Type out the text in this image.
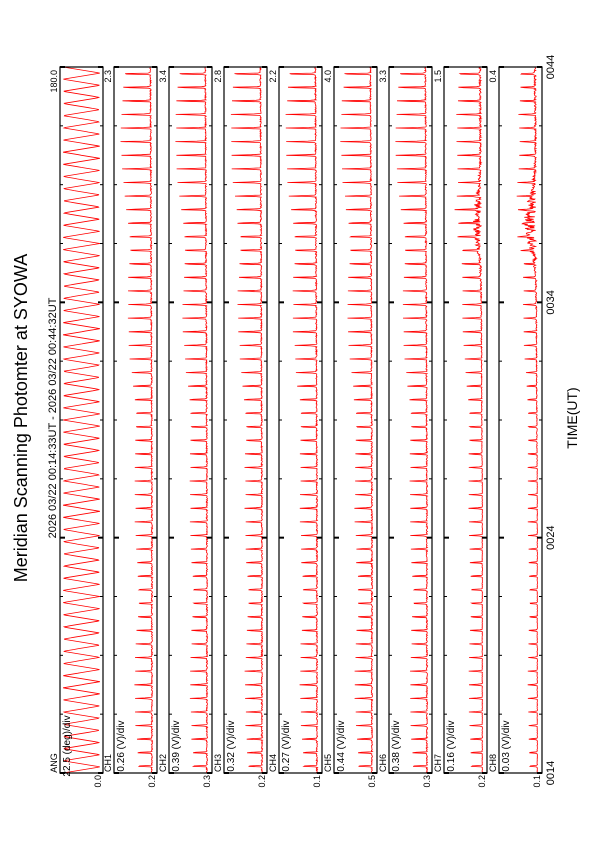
Meridian Scanning Photomter at SYOWA 2026 03/22 00:14:33UT - 2026 03/22 00:44:32UT	TIME(UT)
0014
0024
0034
0044
180.0
ANG
0.0
22.5 (deg)/div
2.3
CH1
0.2
0.26 (V)/div
3.4
CH2
0.3
0.39 (V)/div
2.8
CH3
0.2
0.32 (V)/div
2.2
CH4
0.1
0.27 (V)/div
4.0
CH5
0.5
0.44 (V)/div
3.3
CH6
0.3
0.38 (V)/div
1.5
CH7
0.2
0.16 (V)/div
0.4
CH8
0.1
0.03 (V)/div
